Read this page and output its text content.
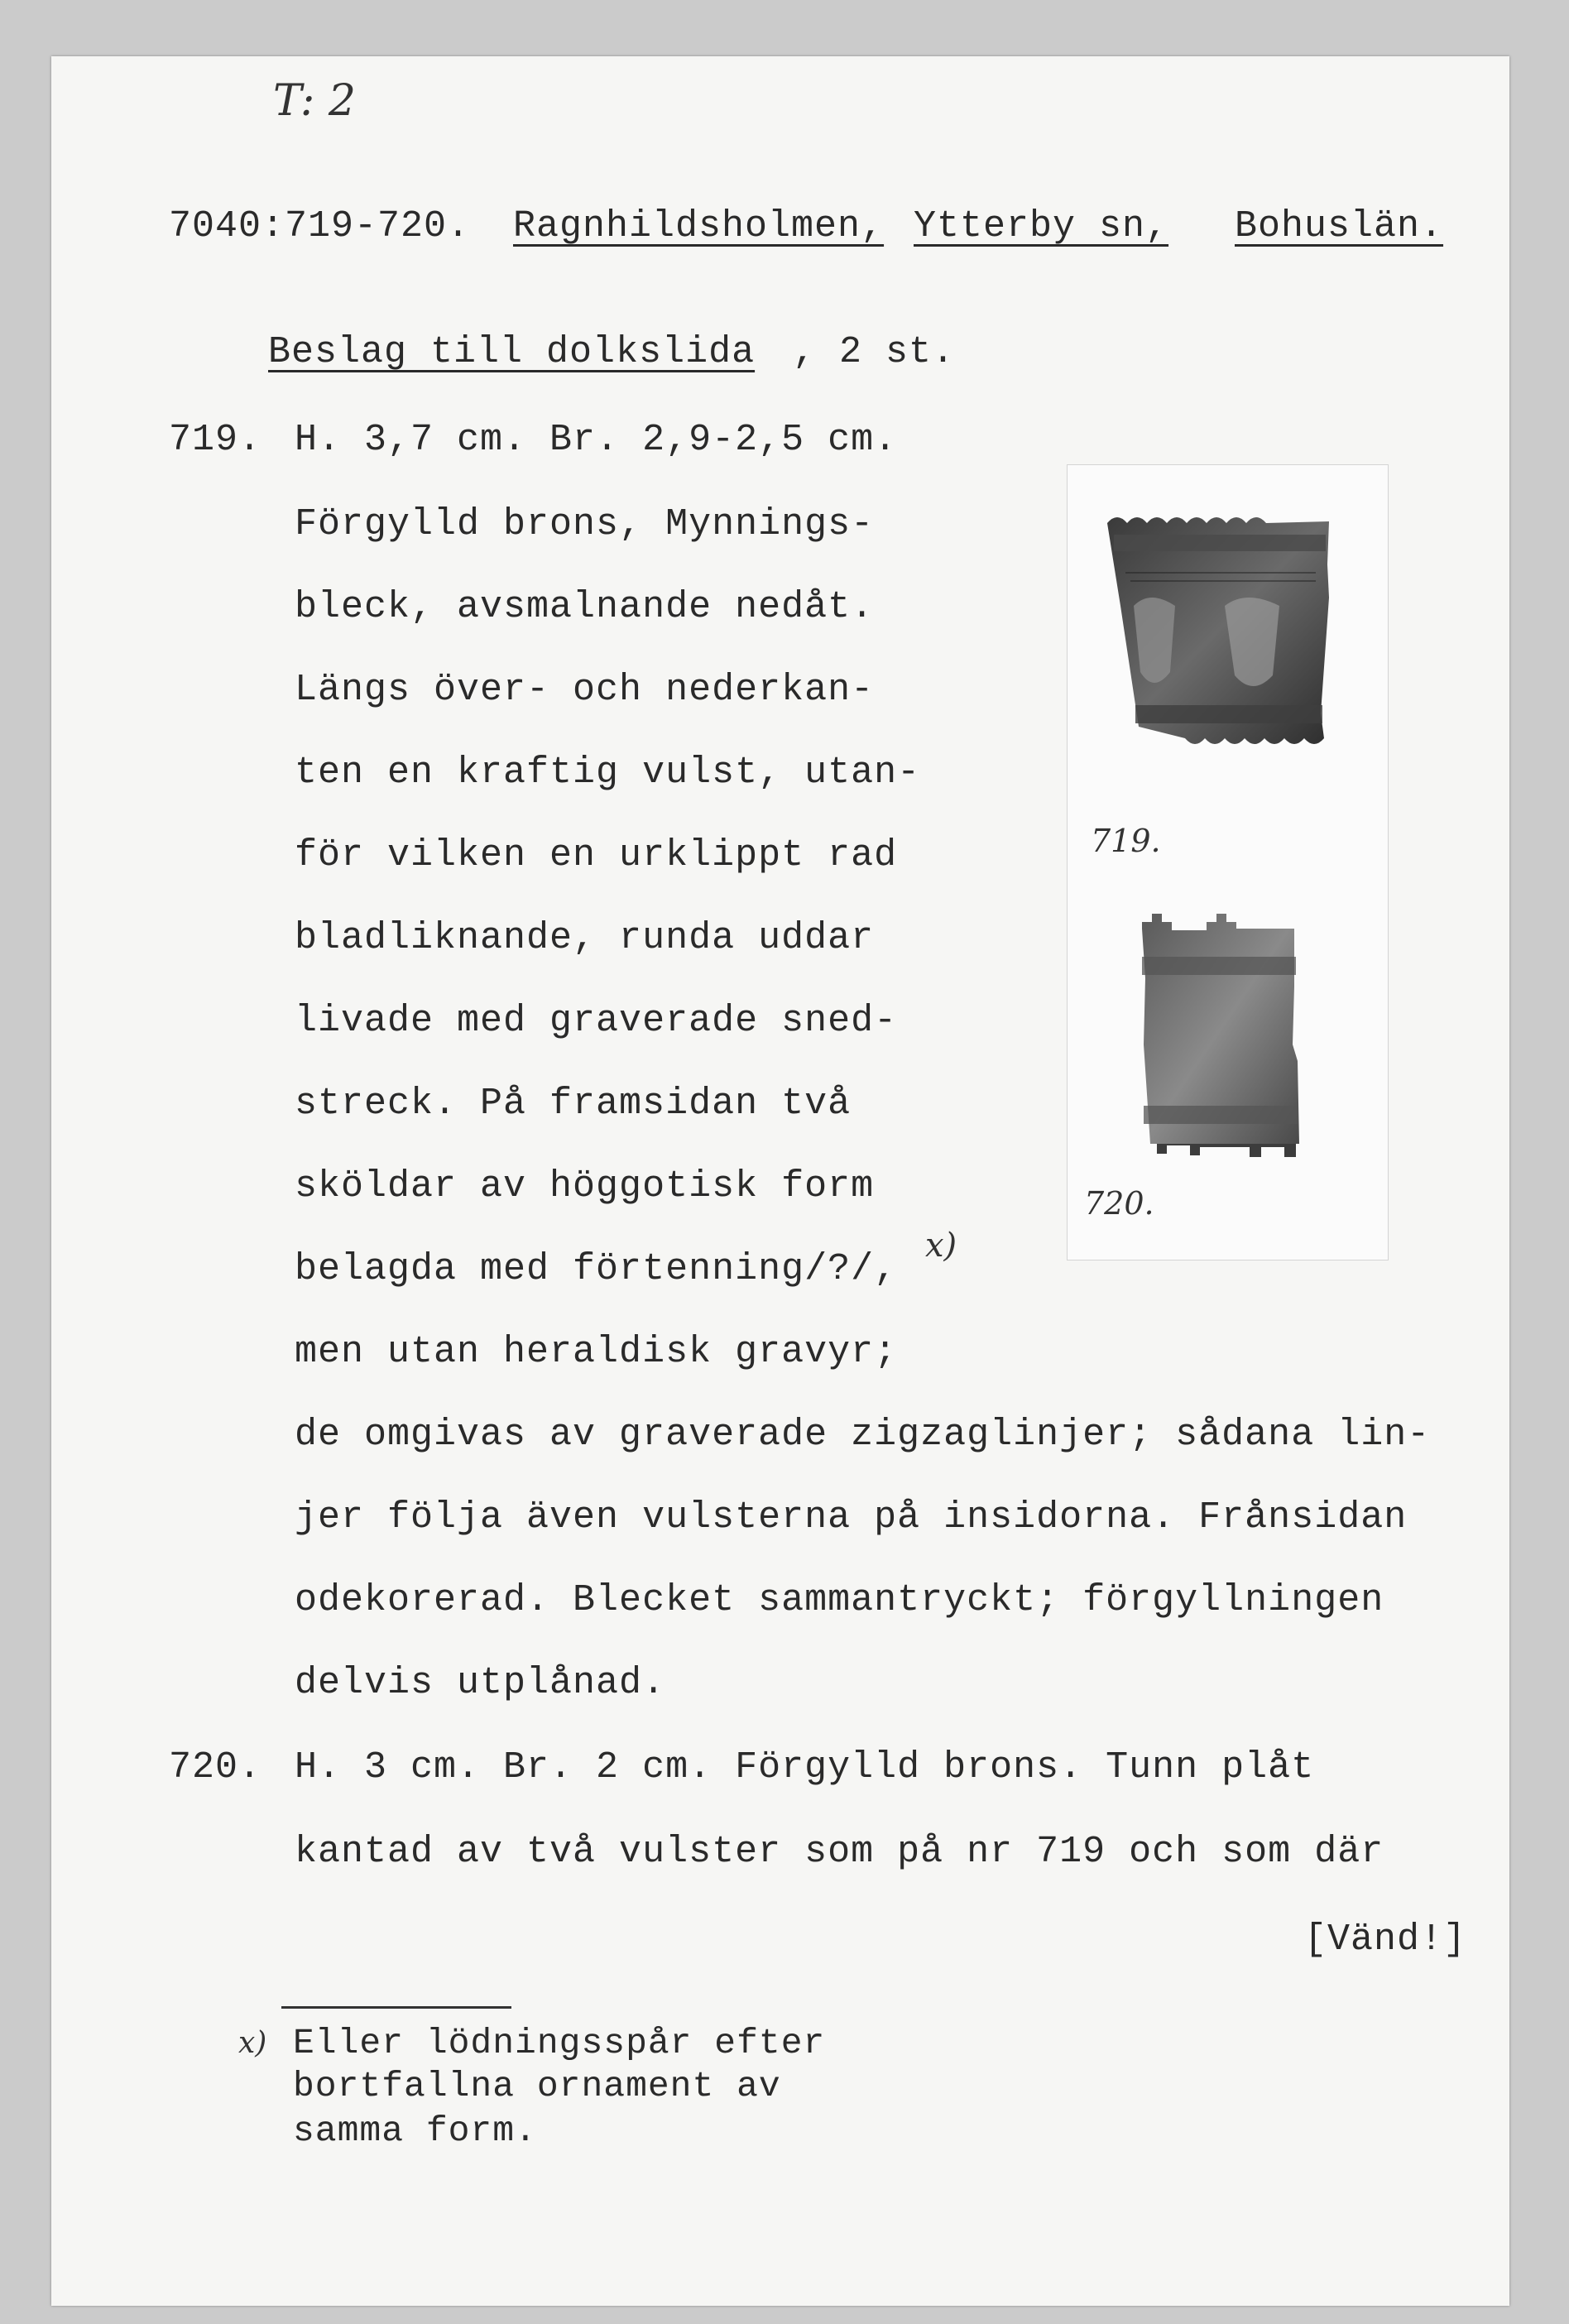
T: 2
7040:719-720. Ragnhildsholmen, Ytterby sn, Bohuslän.
Beslag till dolkslida , 2 st.
719. H. 3,7 cm. Br. 2,9-2,5 cm.
Förgylld brons, Mynnings-
bleck, avsmalnande nedåt.
Längs över- och nederkan-
ten en kraftig vulst, utan-
för vilken en urklippt rad
bladliknande, runda uddar
livade med graverade sned-
streck. På framsidan två
sköldar av höggotisk form
belagda med förtenning/?/,
x)
men utan heraldisk gravyr;
de omgivas av graverade zigzaglinjer; sådana lin-
jer följa även vulsterna på insidorna. Frånsidan
odekorerad. Blecket sammantryckt; förgyllningen
delvis utplånad.
720. H. 3 cm. Br. 2 cm. Förgylld brons. Tunn plåt
kantad av två vulster som på nr 719 och som där
[Vänd!]
x) Eller lödningsspår efter
bortfallna ornament av
samma form.
719.
720.
